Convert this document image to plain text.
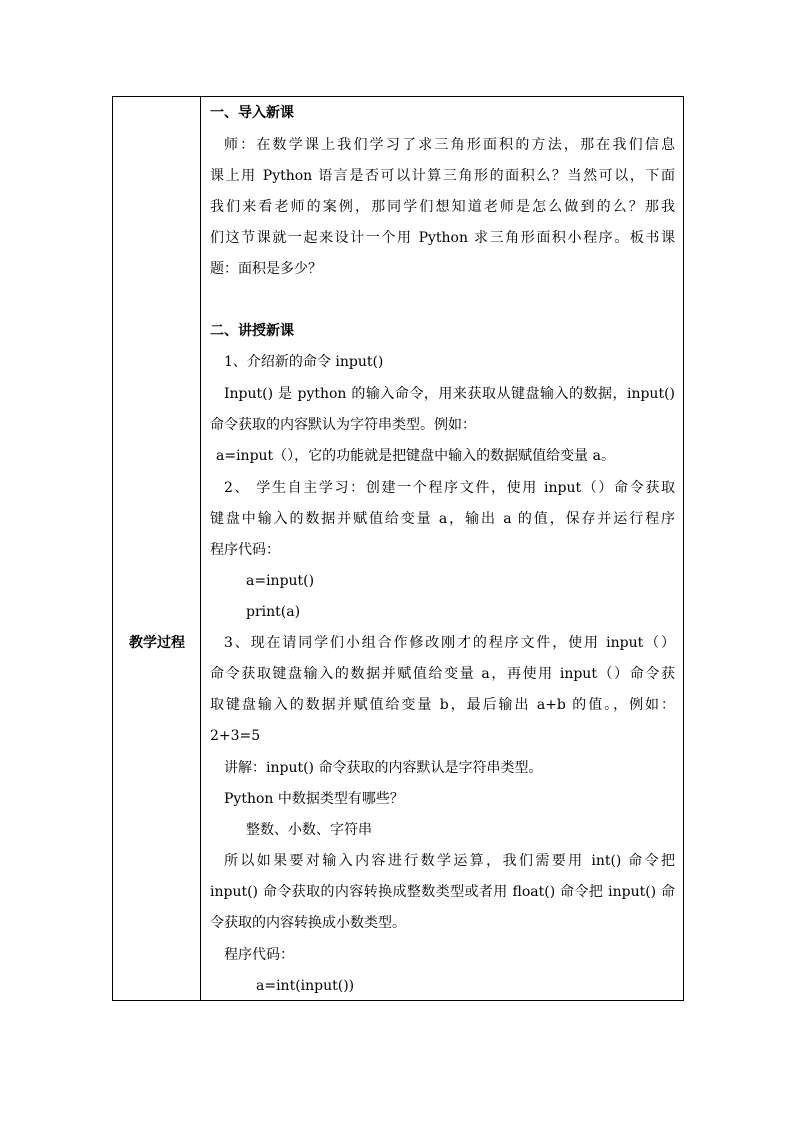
教学过程
一、导入新课
师：在数学课上我们学习了求三角形面积的方法，那在我们信息
课上用 Python 语言是否可以计算三角形的面积么？当然可以，下面
我们来看老师的案例，那同学们想知道老师是怎么做到的么？那我
们这节课就一起来设计一个用 Python 求三角形面积小程序。板书课
题：面积是多少？
二、讲授新课
1、介绍新的命令 input()
Input() 是 python 的输入命令，用来获取从键盘输入的数据，input()
命令获取的内容默认为字符串类型。例如：
a=input（），它的功能就是把键盘中输入的数据赋值给变量 a。
2、 学生自主学习：创建一个程序文件，使用 input（）命令获取
键盘中输入的数据并赋值给变量 a，输出 a 的值，保存并运行程序
程序代码：
a=input()
print(a)
3、现在请同学们小组合作修改刚才的程序文件，使用 input（）
命令获取键盘输入的数据并赋值给变量 a，再使用 input（）命令获
取键盘输入的数据并赋值给变量 b，最后输出 a+b 的值。，例如：
2+3=5
讲解：input() 命令获取的内容默认是字符串类型。
Python 中数据类型有哪些？
整数、小数、字符串
所以如果要对输入内容进行数学运算，我们需要用 int() 命令把
input() 命令获取的内容转换成整数类型或者用 float() 命令把 input() 命
令获取的内容转换成小数类型。
程序代码：
a=int(input())
